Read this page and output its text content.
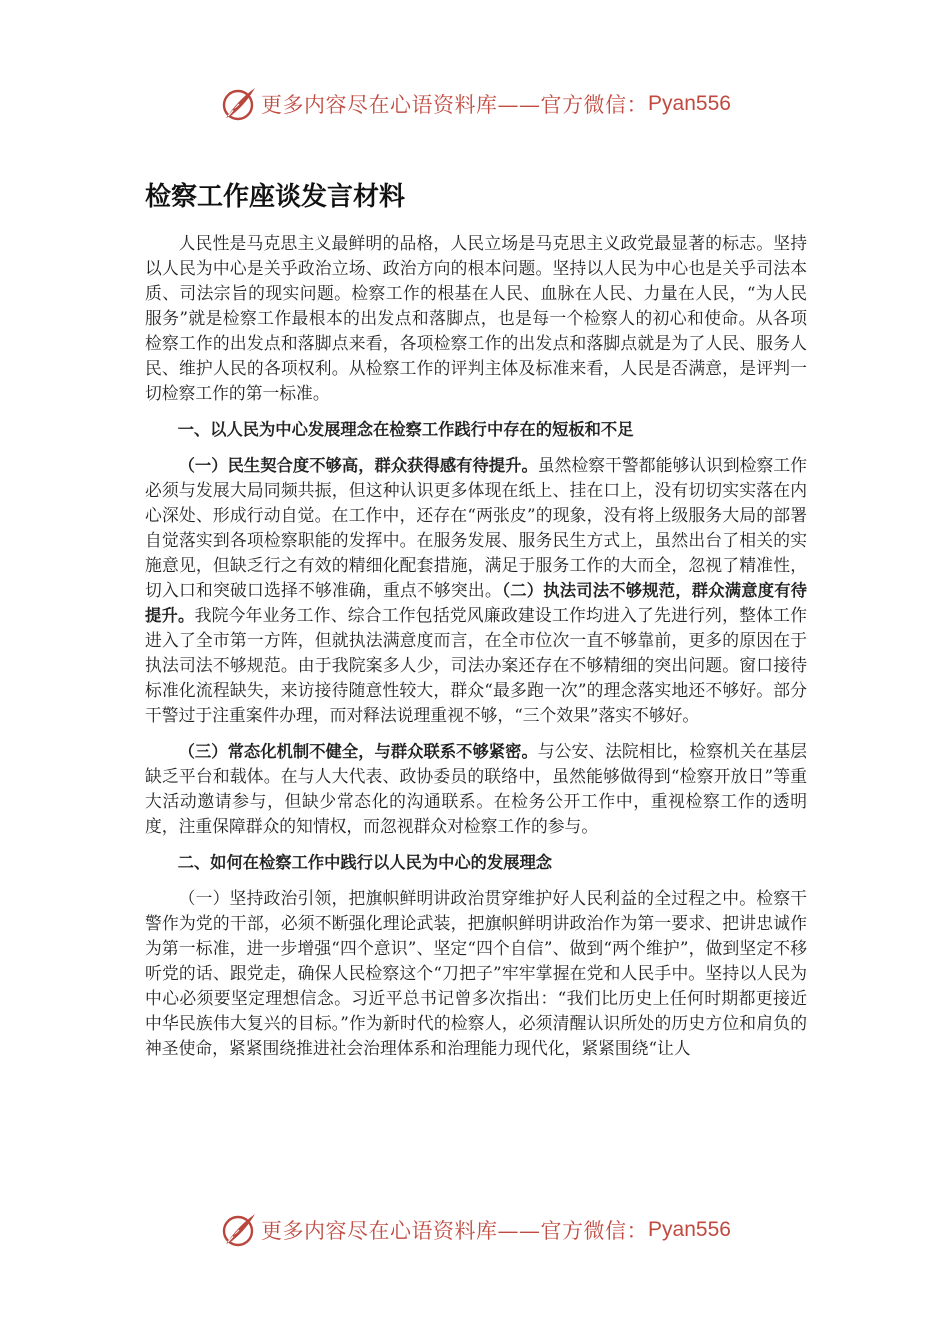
更多内容尽在心语资料库——官方微信： Pyan556
检察工作座谈发言材料

人民性是马克思主义最鲜明的品格，人民立场是马克思主义政党最显著的标志。坚持以人民为中心是关乎政治立场、政治方向的根本问题。坚持以人民为中心也是关乎司法本质、司法宗旨的现实问题。检察工作的根基在人民、血脉在人民、力量在人民，“为人民服务”就是检察工作最根本的出发点和落脚点，也是每一个检察人的初心和使命。从各项检察工作的出发点和落脚点来看，各项检察工作的出发点和落脚点就是为了人民、服务人民、维护人民的各项权利。从检察工作的评判主体及标准来看，人民是否满意，是评判一切检察工作的第一标准。

一、以人民为中心发展理念在检察工作践行中存在的短板和不足

（一）民生契合度不够高，群众获得感有待提升。虽然检察干警都能够认识到检察工作必须与发展大局同频共振，但这种认识更多体现在纸上、挂在口上，没有切切实实落在内心深处、形成行动自觉。在工作中，还存在“两张皮”的现象，没有将上级服务大局的部署自觉落实到各项检察职能的发挥中。在服务发展、服务民生方式上，虽然出台了相关的实施意见，但缺乏行之有效的精细化配套措施，满足于服务工作的大而全，忽视了精准性，切入口和突破口选择不够准确，重点不够突出。（二）执法司法不够规范，群众满意度有待提升。我院今年业务工作、综合工作包括党风廉政建设工作均进入了先进行列，整体工作进入了全市第一方阵，但就执法满意度而言，在全市位次一直不够靠前，更多的原因在于执法司法不够规范。由于我院案多人少，司法办案还存在不够精细的突出问题。窗口接待标准化流程缺失，来访接待随意性较大，群众“最多跑一次”的理念落实地还不够好。部分干警过于注重案件办理，而对释法说理重视不够，“三个效果”落实不够好。

（三）常态化机制不健全，与群众联系不够紧密。与公安、法院相比，检察机关在基层缺乏平台和载体。在与人大代表、政协委员的联络中，虽然能够做得到“检察开放日”等重大活动邀请参与，但缺少常态化的沟通联系。在检务公开工作中，重视检察工作的透明度，注重保障群众的知情权，而忽视群众对检察工作的参与。

二、如何在检察工作中践行以人民为中心的发展理念

（一）坚持政治引领，把旗帜鲜明讲政治贯穿维护好人民利益的全过程之中。检察干警作为党的干部，必须不断强化理论武装，把旗帜鲜明讲政治作为第一要求、把讲忠诚作为第一标准，进一步增强“四个意识”、坚定“四个自信”、做到“两个维护”，做到坚定不移听党的话、跟党走，确保人民检察这个“刀把子”牢牢掌握在党和人民手中。坚持以人民为中心必须要坚定理想信念。习近平总书记曾多次指出：“我们比历史上任何时期都更接近中华民族伟大复兴的目标。”作为新时代的检察人，必须清醒认识所处的历史方位和肩负的神圣使命，紧紧围绕推进社会治理体系和治理能力现代化，紧紧围绕“让人

更多内容尽在心语资料库——官方微信： Pyan556
